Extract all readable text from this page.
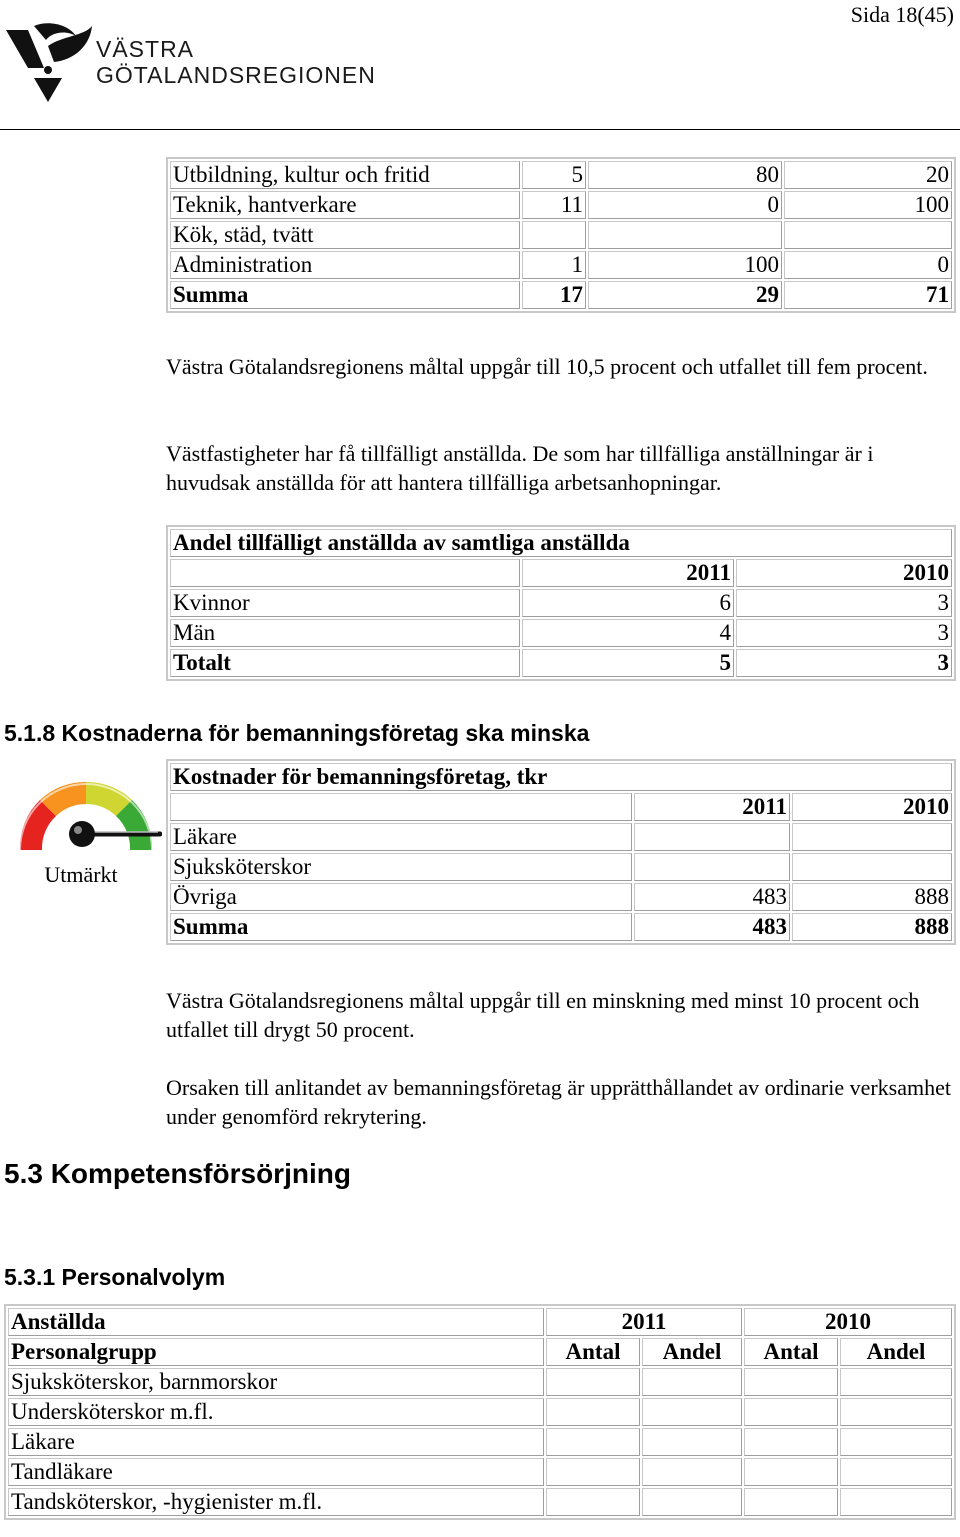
Sida 18(45)
VÄSTRA
GÖTALANDSREGIONEN
Utbildning, kultur och fritid	5	80	20
Teknik, hantverkare	11	0	100
Kök, städ, tvätt			
Administration	1	100	0
Summa	17	29	71

Västra Götalandsregionens måltal uppgår till 10,5 procent och utfallet till fem procent.

Västfastigheter har få tillfälligt anställda. De som har tillfälliga anställningar är i huvudsak anställda för att hantera tillfälliga arbetsanhopningar.

Andel tillfälligt anställda av samtliga anställda		
	2011	2010
Kvinnor	6	3
Män	4	3
Totalt	5	3
5.1.8 Kostnaderna för bemanningsföretag ska minska
Utmärkt
Kostnader för bemanningsföretag, tkr		
	2011	2010
Läkare		
Sjuksköterskor		
Övriga	483	888
Summa	483	888

Västra Götalandsregionens måltal uppgår till en minskning med minst 10 procent och utfallet till drygt 50 procent.

Orsaken till anlitandet av bemanningsföretag är upprätthållandet av ordinarie verksamhet under genomförd rekrytering.

5.3 Kompetensförsörjning
5.3.1 Personalvolym
Anställda	2011		2010	
Personalgrupp	Antal	Andel	Antal	Andel
Sjuksköterskor, barnmorskor				
Undersköterskor m.fl.				
Läkare				
Tandläkare				
Tandsköterskor, -hygienister m.fl.				
